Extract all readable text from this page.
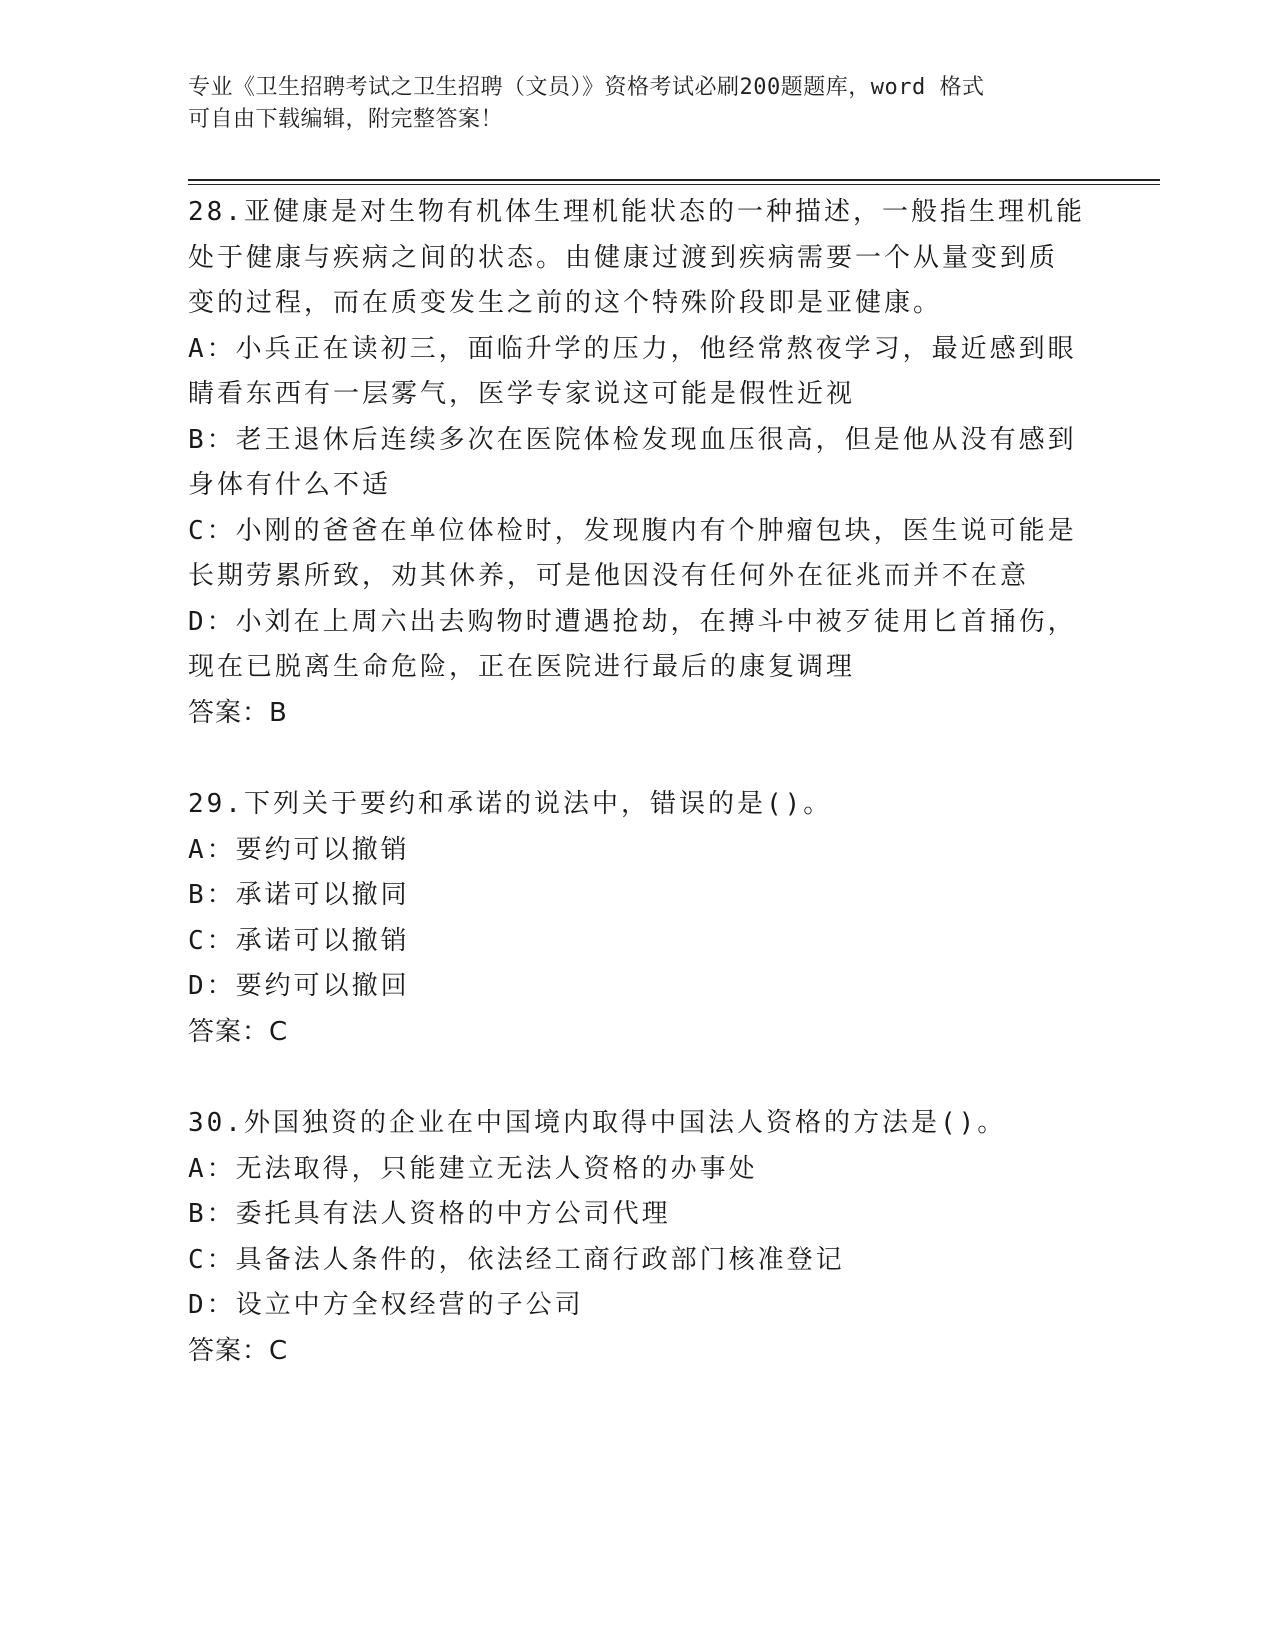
专业《卫生招聘考试之卫生招聘（文员）》资格考试必刷200题题库，word 格式

可自由下载编辑，附完整答案！

28.亚健康是对生物有机体生理机能状态的一种描述，一般指生理机能

处于健康与疾病之间的状态。由健康过渡到疾病需要一个从量变到质

变的过程，而在质变发生之前的这个特殊阶段即是亚健康。

A：小兵正在读初三，面临升学的压力，他经常熬夜学习，最近感到眼

睛看东西有一层雾气，医学专家说这可能是假性近视

B：老王退休后连续多次在医院体检发现血压很高，但是他从没有感到

身体有什么不适

C：小刚的爸爸在单位体检时，发现腹内有个肿瘤包块，医生说可能是

长期劳累所致，劝其休养，可是他因没有任何外在征兆而并不在意

D：小刘在上周六出去购物时遭遇抢劫，在搏斗中被歹徒用匕首捅伤，

现在已脱离生命危险，正在医院进行最后的康复调理

答案：B

29.下列关于要约和承诺的说法中，错误的是()。

A：要约可以撤销

B：承诺可以撤同

C：承诺可以撤销

D：要约可以撤回

答案：C

30.外国独资的企业在中国境内取得中国法人资格的方法是()。

A：无法取得，只能建立无法人资格的办事处

B：委托具有法人资格的中方公司代理

C：具备法人条件的，依法经工商行政部门核准登记

D：设立中方全权经营的子公司

答案：C
